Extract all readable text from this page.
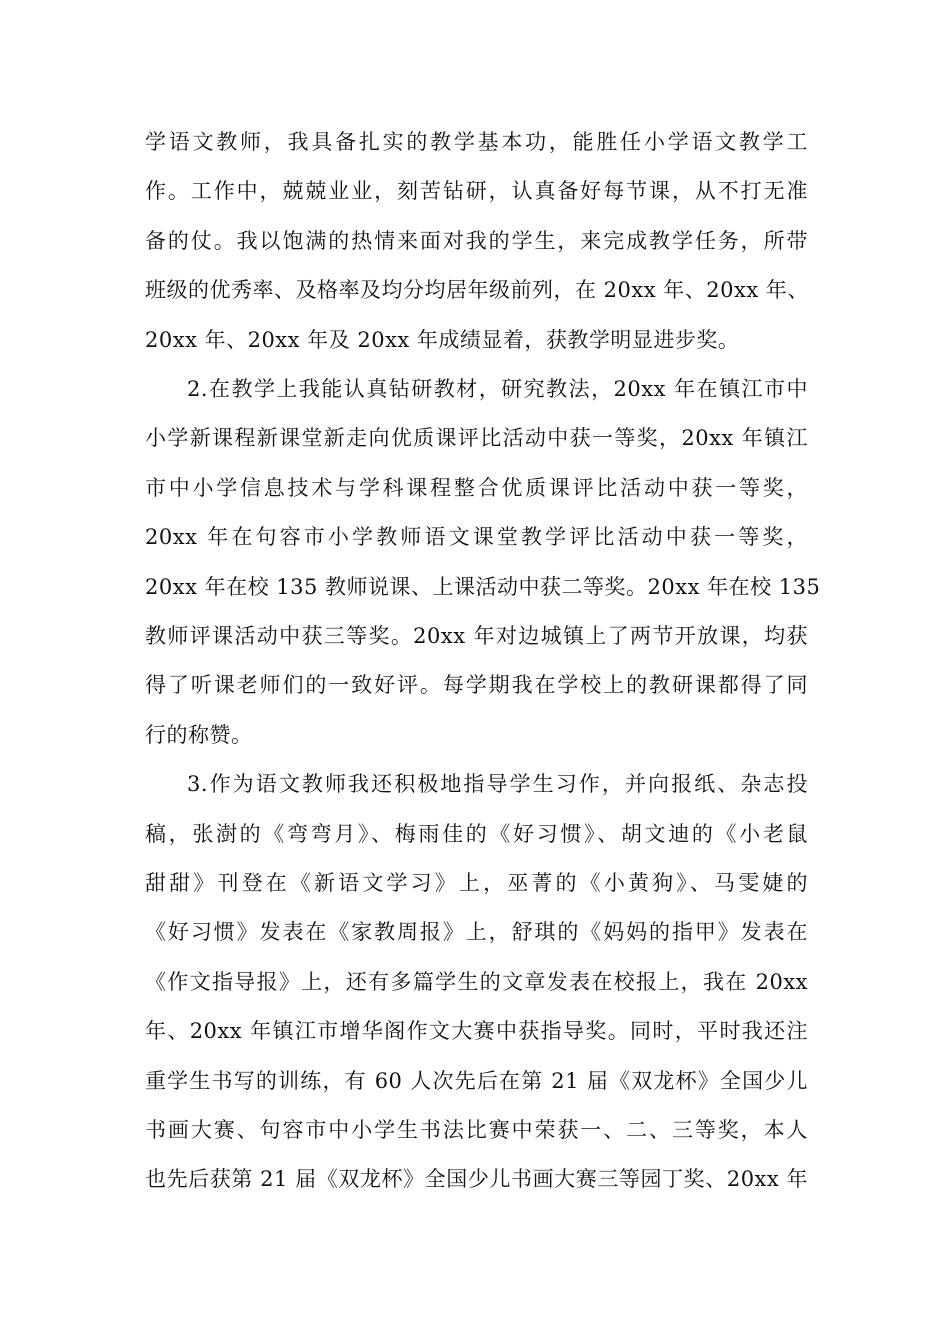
学语文教师，我具备扎实的教学基本功，能胜任小学语文教学工
作。工作中，兢兢业业，刻苦钻研，认真备好每节课，从不打无准
备的仗。我以饱满的热情来面对我的学生，来完成教学任务，所带
班级的优秀率、及格率及均分均居年级前列，在 20xx 年、20xx 年、
20xx 年、20xx 年及 20xx 年成绩显着，获教学明显进步奖。
2.在教学上我能认真钻研教材，研究教法，20xx 年在镇江市中
小学新课程新课堂新走向优质课评比活动中获一等奖，20xx 年镇江
市中小学信息技术与学科课程整合优质课评比活动中获一等奖，
20xx 年在句容市小学教师语文课堂教学评比活动中获一等奖，
20xx 年在校 135 教师说课、上课活动中获二等奖。20xx 年在校 135
教师评课活动中获三等奖。20xx 年对边城镇上了两节开放课，均获
得了听课老师们的一致好评。每学期我在学校上的教研课都得了同
行的称赞。
3.作为语文教师我还积极地指导学生习作，并向报纸、杂志投
稿，张澍的《弯弯月》、梅雨佳的《好习惯》、胡文迪的《小老鼠
甜甜》刊登在《新语文学习》上，巫菁的《小黄狗》、马雯婕的
《好习惯》发表在《家教周报》上，舒琪的《妈妈的指甲》发表在
《作文指导报》上，还有多篇学生的文章发表在校报上，我在 20xx
年、20xx 年镇江市增华阁作文大赛中获指导奖。同时，平时我还注
重学生书写的训练，有 60 人次先后在第 21 届《双龙杯》全国少儿
书画大赛、句容市中小学生书法比赛中荣获一、二、三等奖，本人
也先后获第 21 届《双龙杯》全国少儿书画大赛三等园丁奖、20xx 年
